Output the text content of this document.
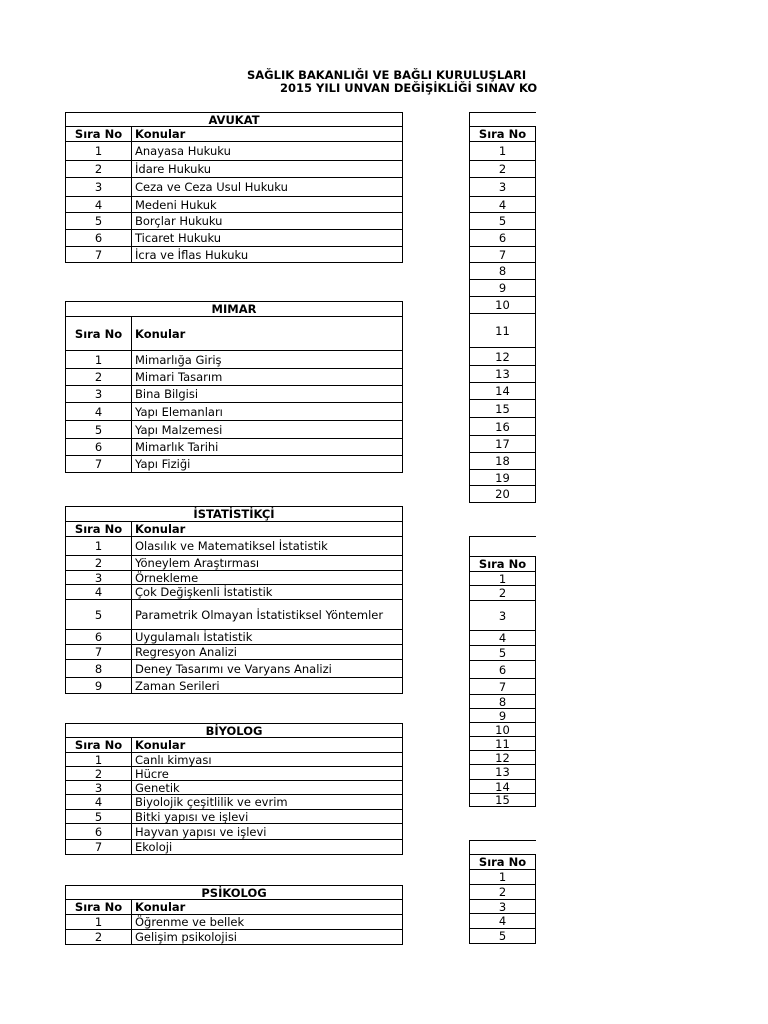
SAĞLIK BAKANLIĞI VE BAĞLI KURULUŞLARI
2015 YILI UNVAN DEĞİŞİKLİĞİ SINAV KO
AVUKAT	
Sıra No	Konular
1	Anayasa Hukuku
2	İdare Hukuku
3	Ceza ve Ceza Usul Hukuku
4	Medeni Hukuk
5	Borçlar Hukuku
6	Ticaret Hukuku
7	İcra ve İflas Hukuku
MIMAR	
Sıra No	Konular
1	Mimarlığa Giriş
2	Mimari Tasarım
3	Bina Bilgisi
4	Yapı Elemanları
5	Yapı Malzemesi
6	Mimarlık Tarihi
7	Yapı Fiziği
İSTATİSTİKÇİ	
Sıra No	Konular
1	Olasılık ve Matematiksel İstatistik
2	Yöneylem Araştırması
3	Örnekleme
4	Çok Değişkenli İstatistik
5	Parametrik Olmayan İstatistiksel Yöntemler
6	Uygulamalı İstatistik
7	Regresyon Analizi
8	Deney Tasarımı ve Varyans Analizi
9	Zaman Serileri
BİYOLOG	
Sıra No	Konular
1	Canlı kimyası
2	Hücre
3	Genetik
4	Biyolojik çeşitlilik ve evrim
5	Bitki yapısı ve işlevi
6	Hayvan yapısı ve işlevi
7	Ekoloji
PSİKOLOG	
Sıra No	Konular
1	Öğrenme ve bellek
2	Gelişim psikolojisi

Sıra No	
1	
2	
3	
4	
5	
6	
7	
8	
9	
10	
11	
12	
13	
14	
15	
16	
17	
18	
19	
20	

Sıra No	
1	
2	
3	
4	
5	
6	
7	
8	
9	
10	
11	
12	
13	
14	
15	

Sıra No	
1	
2	
3	
4	
5	
